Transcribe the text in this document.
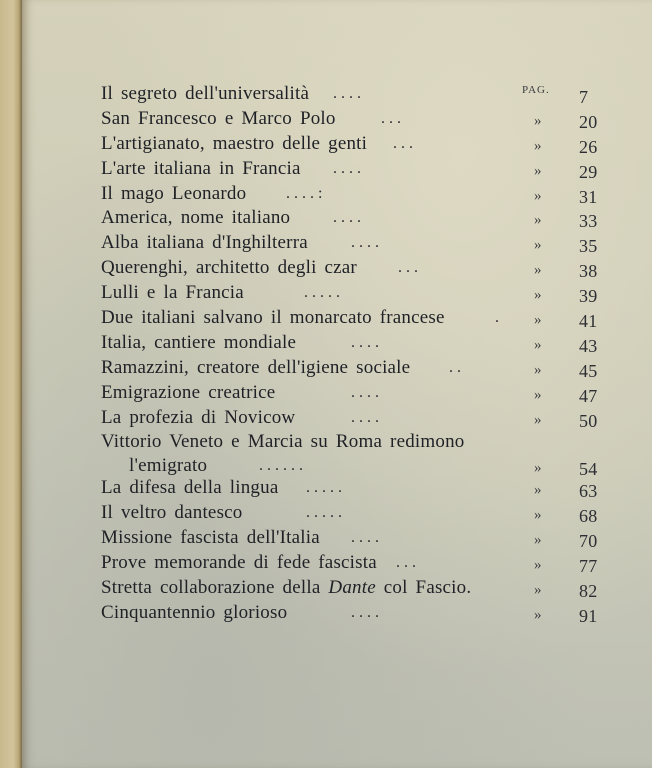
Il segreto dell'universalità . . . .	PAG. 7
San Francesco e Marco Polo	. . .	» 20
L'artigianato, maestro delle genti . . .	» 26
L'arte italiana in Francia . . . .	» 29
Il mago Leonardo . . . . :	» 31
America, nome italiano	. . . .	» 33
Alba italiana d'Inghilterra	. . . .	» 35
Querenghi, architetto degli czar	. . .	» 38
Lulli e la Francia	. . . . .	» 39
Due italiani salvano il monarcato francese	. » 41
Italia, cantiere mondiale	. . . .	» 43
Ramazzini, creatore dell'igiene sociale . .	» 45
Emigrazione creatrice	. . . .	» 47
La profezia di Novicow	. . . .	» 50
Vittorio Veneto e Marcia su Roma redimono
l'emigrato	. . . . . .	» 54
La difesa della lingua . . . . .	» 63
Il veltro dantesco	. . . . .	» 68
Missione fascista dell'Italia . . . .	» 70
Prove memorande di fede fascista . . .	» 77
Stretta collaborazione della Dante col Fascio.	» 82
Cinquantennio glorioso	. . . .	» 91
